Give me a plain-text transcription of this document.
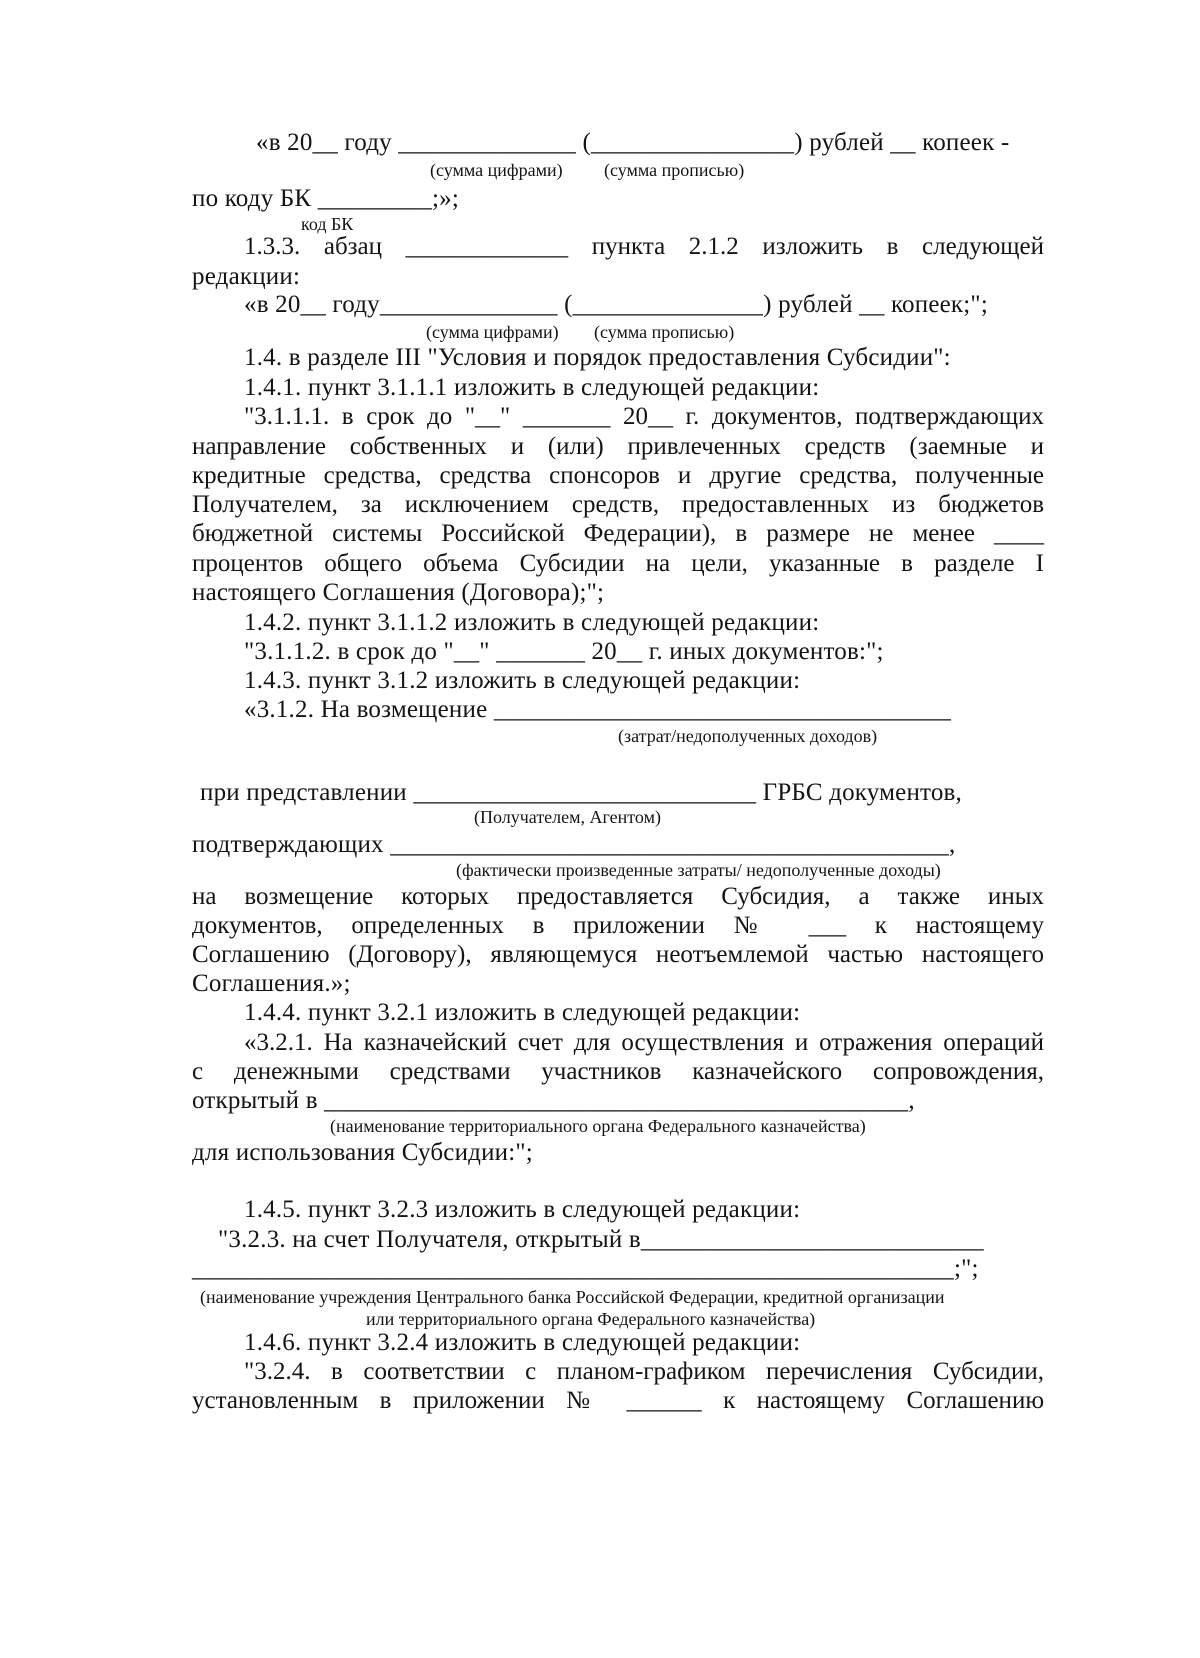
«в 20__ году ______________ (________________) рублей __ копеек -
(сумма цифрами) (сумма прописью)
по коду БК _________;»;
код БК
1.3.3. абзац _____________ пункта 2.1.2 изложить в следующей
редакции:
«в 20__ году______________ (_______________) рублей __ копеек;";
(сумма цифрами) (сумма прописью)
1.4. в разделе III "Условия и порядок предоставления Субсидии":
1.4.1. пункт 3.1.1.1 изложить в следующей редакции:
"3.1.1.1. в срок до "__" _______ 20__ г. документов, подтверждающих
направление собственных и (или) привлеченных средств (заемные и
кредитные средства, средства спонсоров и другие средства, полученные
Получателем, за исключением средств, предоставленных из бюджетов
бюджетной системы Российской Федерации), в размере не менее ____
процентов общего объема Субсидии на цели, указанные в разделе I
настоящего Соглашения (Договора);";
1.4.2. пункт 3.1.1.2 изложить в следующей редакции:
"3.1.1.2. в срок до "__" _______ 20__ г. иных документов:";
1.4.3. пункт 3.1.2 изложить в следующей редакции:
«3.1.2. На возмещение ____________________________________
(затрат/недополученных доходов)
при представлении ___________________________ ГРБС документов,
(Получателем, Агентом)
подтверждающих ____________________________________________,
(фактически произведенные затраты/ недополученные доходы)
на возмещение которых предоставляется Субсидия, а также иных
документов, определенных в приложении № ___ к настоящему
Соглашению (Договору), являющемуся неотъемлемой частью настоящего
Соглашения.»;
1.4.4. пункт 3.2.1 изложить в следующей редакции:
«3.2.1. На казначейский счет для осуществления и отражения операций
с денежными средствами участников казначейского сопровождения,
открытый в ______________________________________________,
(наименование территориального органа Федерального казначейства)
для использования Субсидии:";
1.4.5. пункт 3.2.3 изложить в следующей редакции:
"3.2.3. на счет Получателя, открытый в___________________________
____________________________________________________________;";
(наименование учреждения Центрального банка Российской Федерации, кредитной организации
или территориального органа Федерального казначейства)
1.4.6. пункт 3.2.4 изложить в следующей редакции:
"3.2.4. в соответствии с планом-графиком перечисления Субсидии,
установленным в приложении № ______ к настоящему Соглашению
